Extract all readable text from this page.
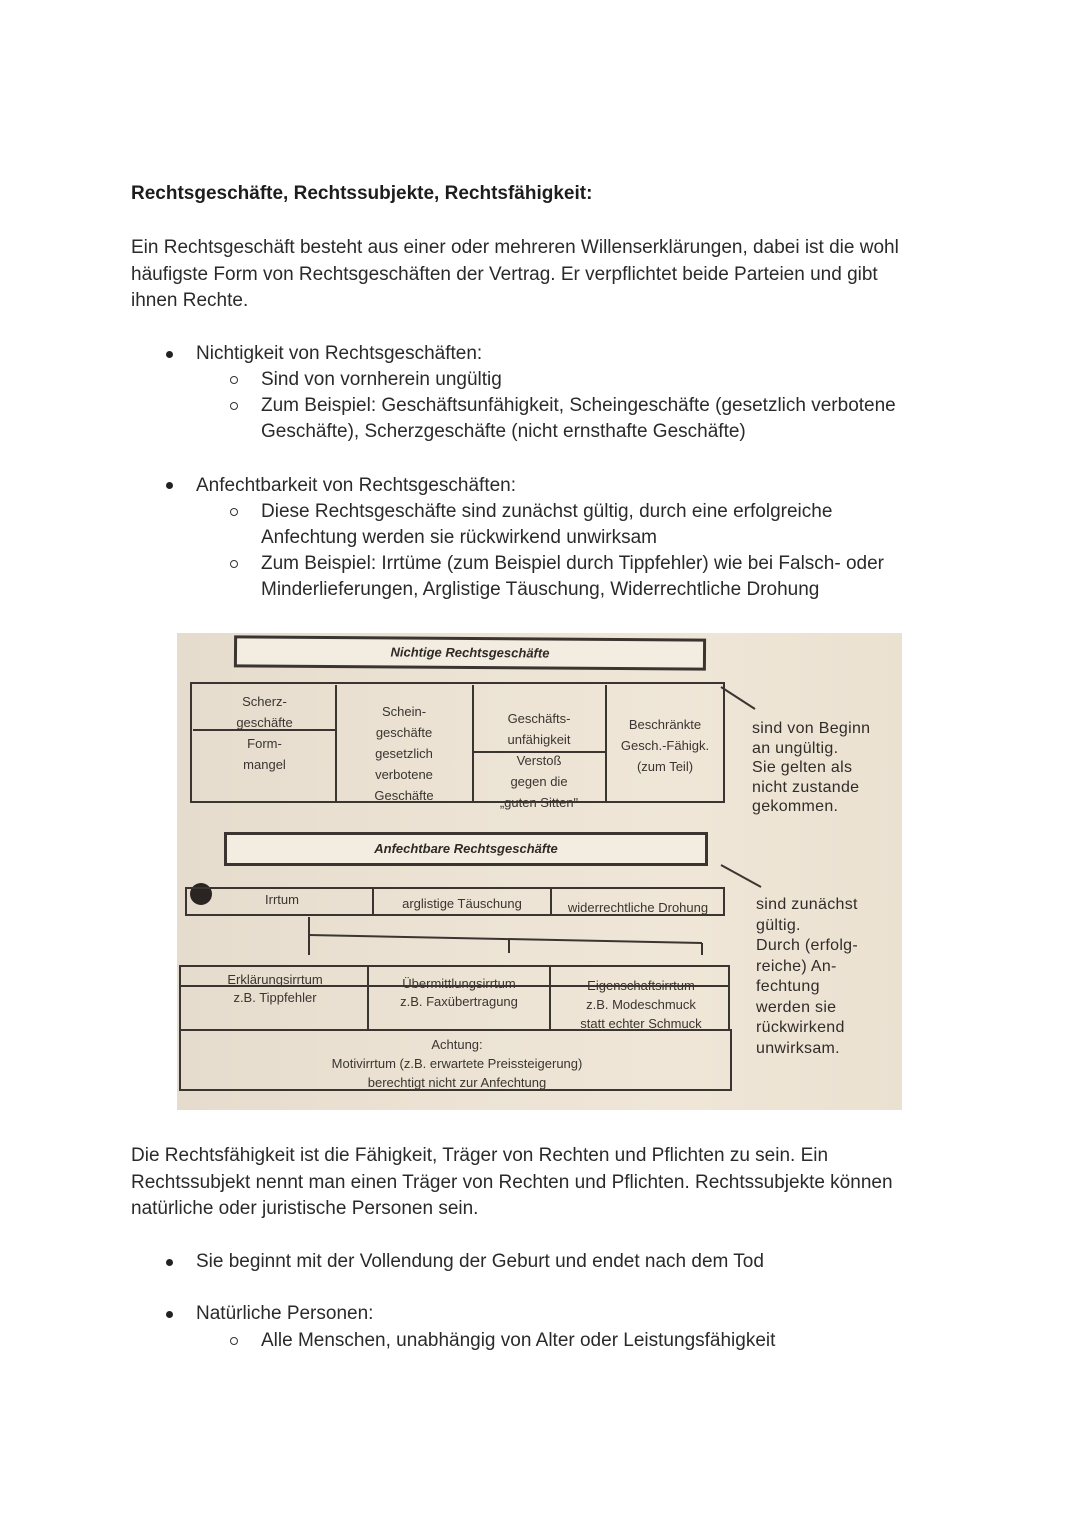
Rechtsgeschäfte, Rechtssubjekte, Rechtsfähigkeit:
Ein Rechtsgeschäft besteht aus einer oder mehreren Willenserklärungen, dabei ist die wohl
häufigste Form von Rechtsgeschäften der Vertrag. Er verpflichtet beide Parteien und gibt
ihnen Rechte.
Nichtigkeit von Rechtsgeschäften:
Sind von vornherein ungültig
Zum Beispiel: Geschäftsunfähigkeit, Scheingeschäfte (gesetzlich verbotene
Geschäfte), Scherzgeschäfte (nicht ernsthafte Geschäfte)
Anfechtbarkeit von Rechtsgeschäften:
Diese Rechtsgeschäfte sind zunächst gültig, durch eine erfolgreiche
Anfechtung werden sie rückwirkend unwirksam
Zum Beispiel: Irrtüme (zum Beispiel durch Tippfehler) wie bei Falsch- oder
Minderlieferungen, Arglistige Täuschung, Widerrechtliche Drohung
Nichtige Rechtsgeschäfte
Scherz-
geschäfte
Form-
mangel
Schein-
geschäfte
gesetzlich
verbotene
Geschäfte
Geschäfts-
unfähigkeit
Verstoß
gegen die
„guten Sitten"
Beschränkte
Gesch.-Fähigk.
(zum Teil)
sind von Beginn
an ungültig.
Sie gelten als
nicht zustande
gekommen.
Anfechtbare Rechtsgeschäfte
Irrtum	arglistige Täuschung	widerrechtliche Drohung
Erklärungsirrtum
z.B. Tippfehler
Übermittlungsirrtum
z.B. Faxübertragung
Eigenschaftsirrtum
z.B. Modeschmuck
statt echter Schmuck
Achtung:
Motivirrtum (z.B. erwartete Preissteigerung)
berechtigt nicht zur Anfechtung
sind zunächst
gültig.
Durch (erfolg-
reiche) An-
fechtung
werden sie
rückwirkend
unwirksam.
Die Rechtsfähigkeit ist die Fähigkeit, Träger von Rechten und Pflichten zu sein. Ein
Rechtssubjekt nennt man einen Träger von Rechten und Pflichten. Rechtssubjekte können
natürliche oder juristische Personen sein.
Sie beginnt mit der Vollendung der Geburt und endet nach dem Tod
Natürliche Personen:
Alle Menschen, unabhängig von Alter oder Leistungsfähigkeit
